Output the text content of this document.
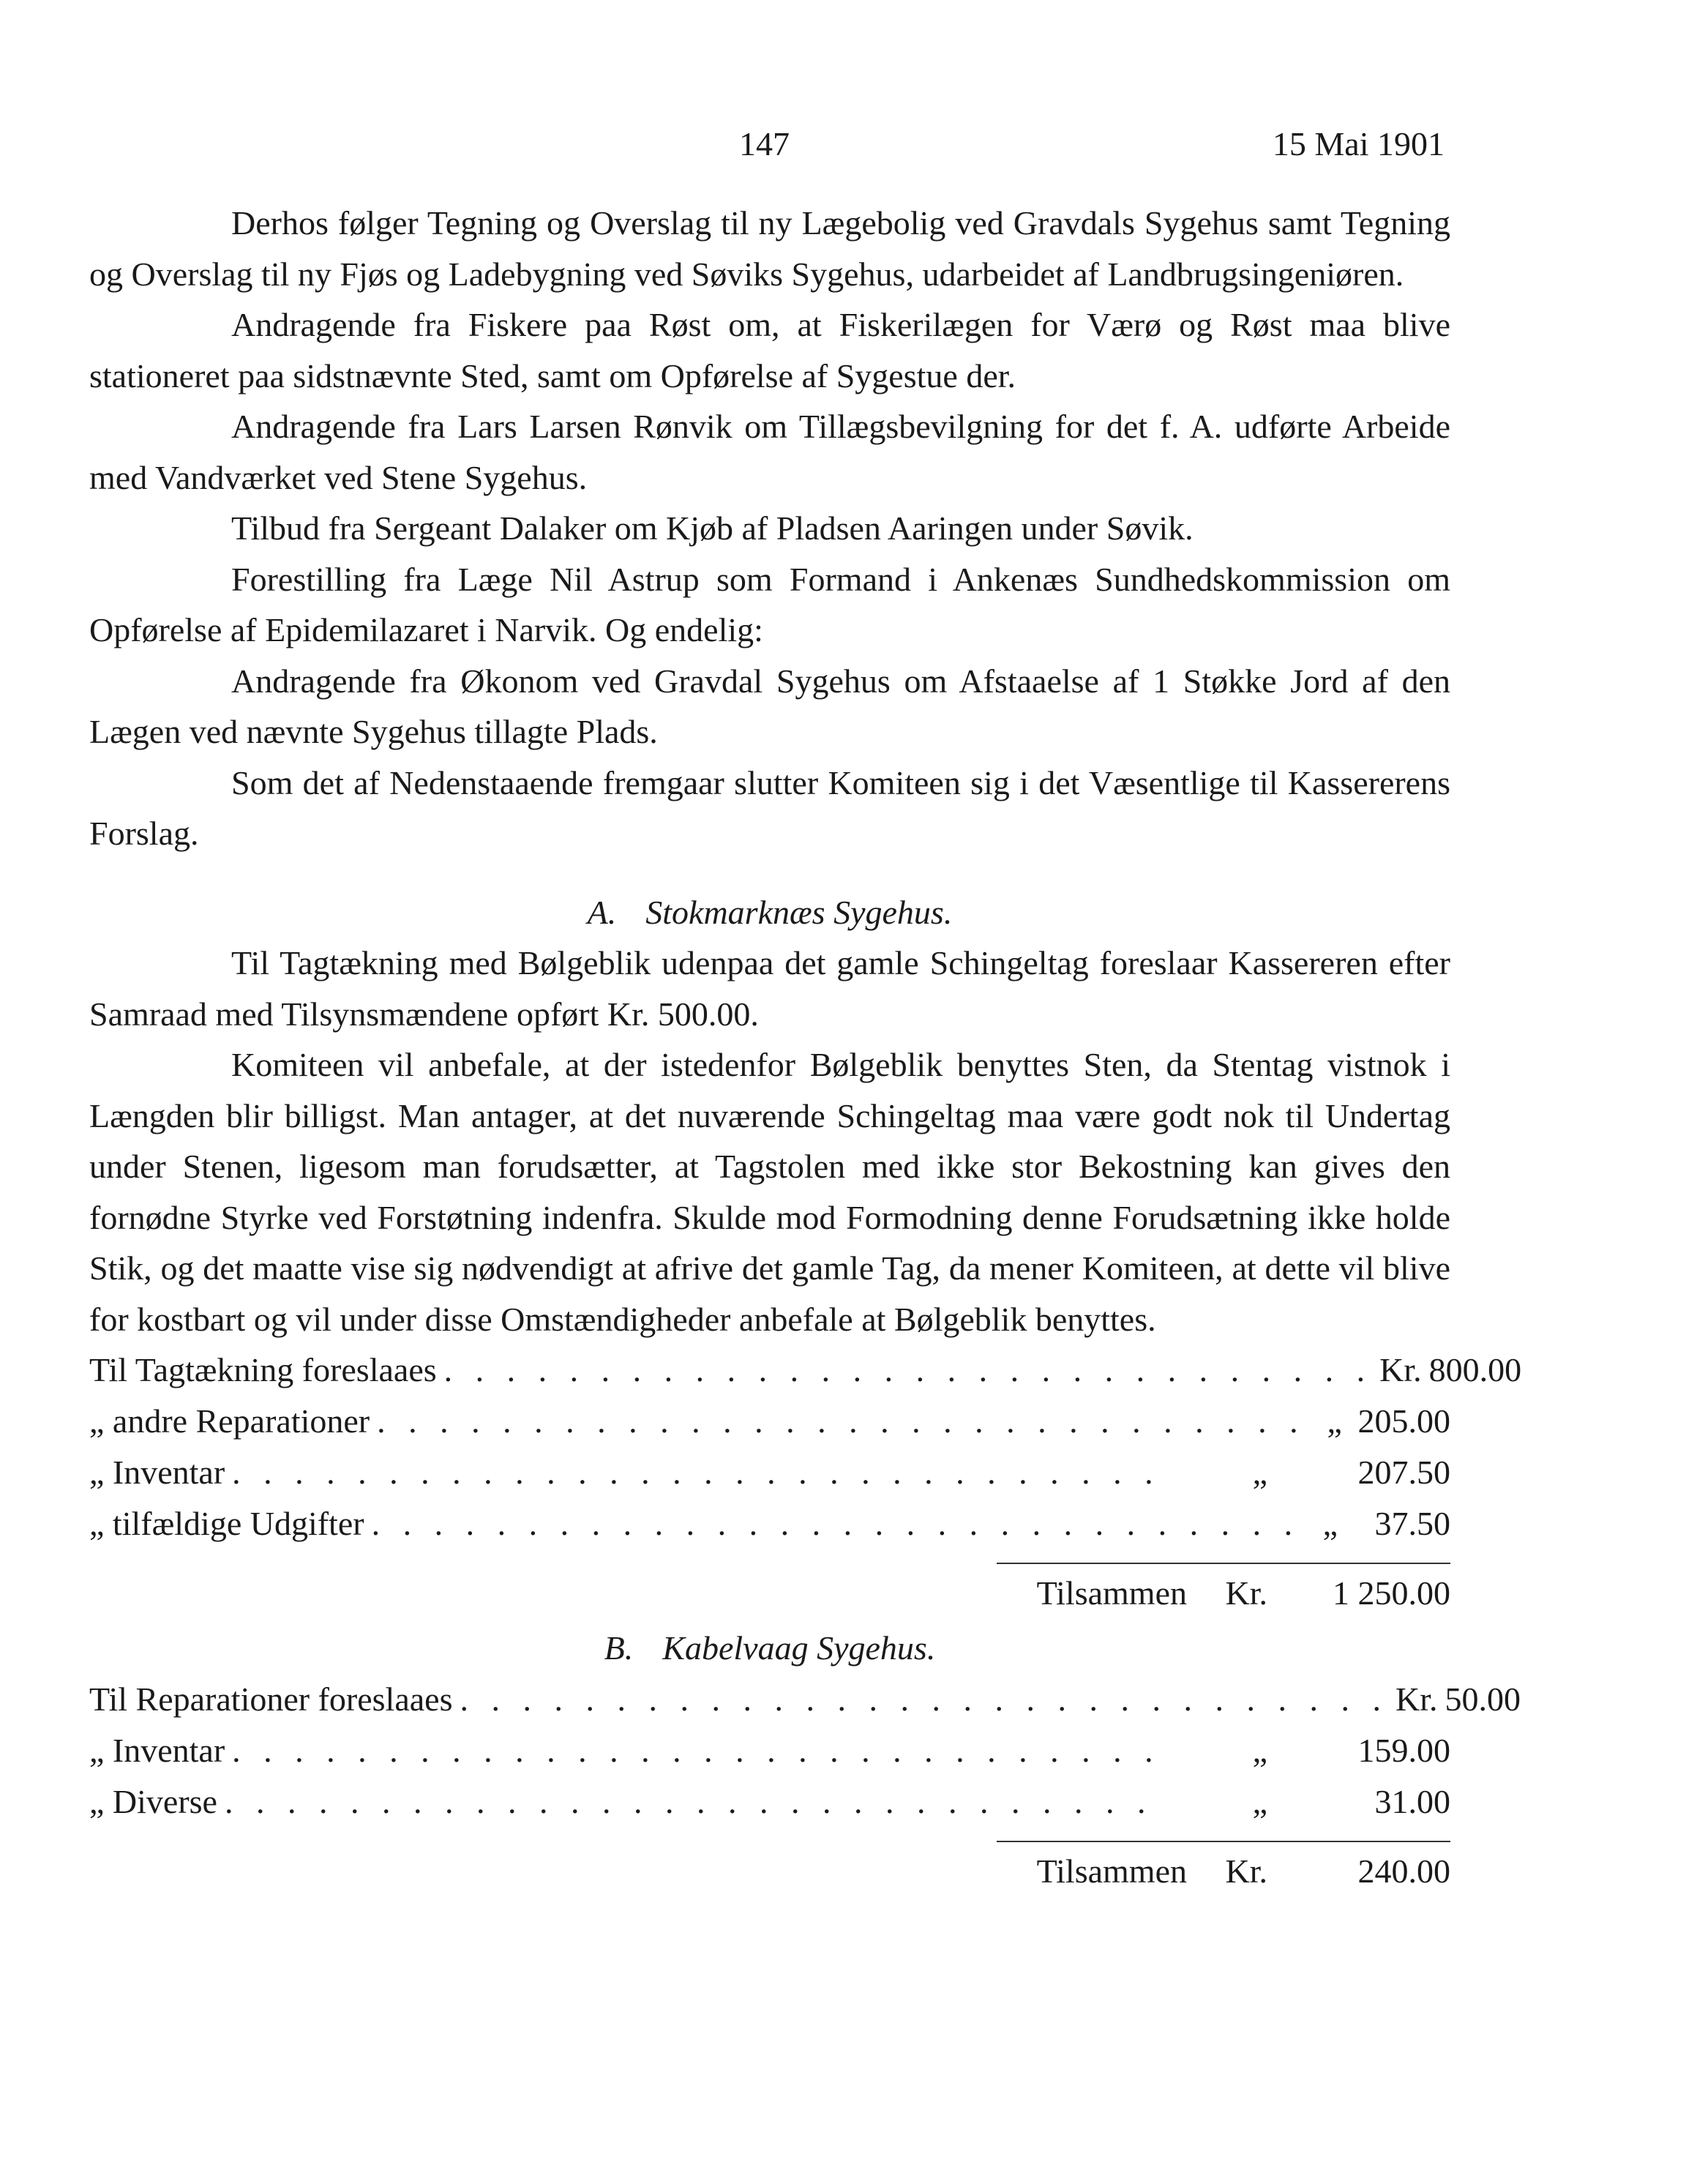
147	15 Mai 1901

Derhos følger Tegning og Overslag til ny Lægebolig ved Gravdals Sygehus samt Tegning og Overslag til ny Fjøs og Ladebygning ved Søviks Sygehus, udarbeidet af Landbrugsingeniøren.

Andragende fra Fiskere paa Røst om, at Fiskerilægen for Værø og Røst maa blive stationeret paa sidstnævnte Sted, samt om Opførelse af Sygestue der.

Andragende fra Lars Larsen Rønvik om Tillægsbevilgning for det f. A. udførte Arbeide med Vandværket ved Stene Sygehus.

Tilbud fra Sergeant Dalaker om Kjøb af Pladsen Aaringen under Søvik.

Forestilling fra Læge Nil Astrup som Formand i Ankenæs Sundhedskommission om Opførelse af Epidemilazaret i Narvik. Og endelig:

Andragende fra Økonom ved Gravdal Sygehus om Afstaaelse af 1 Støkke Jord af den Lægen ved nævnte Sygehus tillagte Plads.

Som det af Nedenstaaende fremgaar slutter Komiteen sig i det Væsentlige til Kassererens Forslag.

A. Stokmarknæs Sygehus.

Til Tagtækning med Bølgeblik udenpaa det gamle Schingeltag foreslaar Kassereren efter Samraad med Tilsynsmændene opført Kr. 500.00.

Komiteen vil anbefale, at der istedenfor Bølgeblik benyttes Sten, da Stentag vistnok i Længden blir billigst. Man antager, at det nuværende Schingeltag maa være godt nok til Undertag under Stenen, ligesom man forudsætter, at Tagstolen med ikke stor Bekostning kan gives den fornødne Styrke ved Forstøtning indenfra. Skulde mod Formodning denne Forudsætning ikke holde Stik, og det maatte vise sig nødvendigt at afrive det gamle Tag, da mener Komiteen, at dette vil blive for kostbart og vil under disse Omstændigheder anbefale at Bølgeblik benyttes.

Til Tagtækning foreslaaes . . . . . . . . . . . . . . . . . . . . . . . . . . . . . . Kr. 800.00
„ andre Reparationer . . . . . . . . . . . . . . . . . . . . . . . . . . . . . . „ 205.00
„ Inventar . . . . . . . . . . . . . . . . . . . . . . . . . . . . . .	„	207.50
„ tilfældige Udgifter . . . . . . . . . . . . . . . . . . . . . . . . . . . . . . „	37.50
Tilsammen Kr.	1 250.00
B. Kabelvaag Sygehus.
Til Reparationer foreslaaes . . . . . . . . . . . . . . . . . . . . . . . . . . . . . . Kr. 50.00
„ Inventar . . . . . . . . . . . . . . . . . . . . . . . . . . . . . .	„	159.00
„ Diverse . . . . . . . . . . . . . . . . . . . . . . . . . . . . . .	„	31.00
Tilsammen Kr.	240.00
